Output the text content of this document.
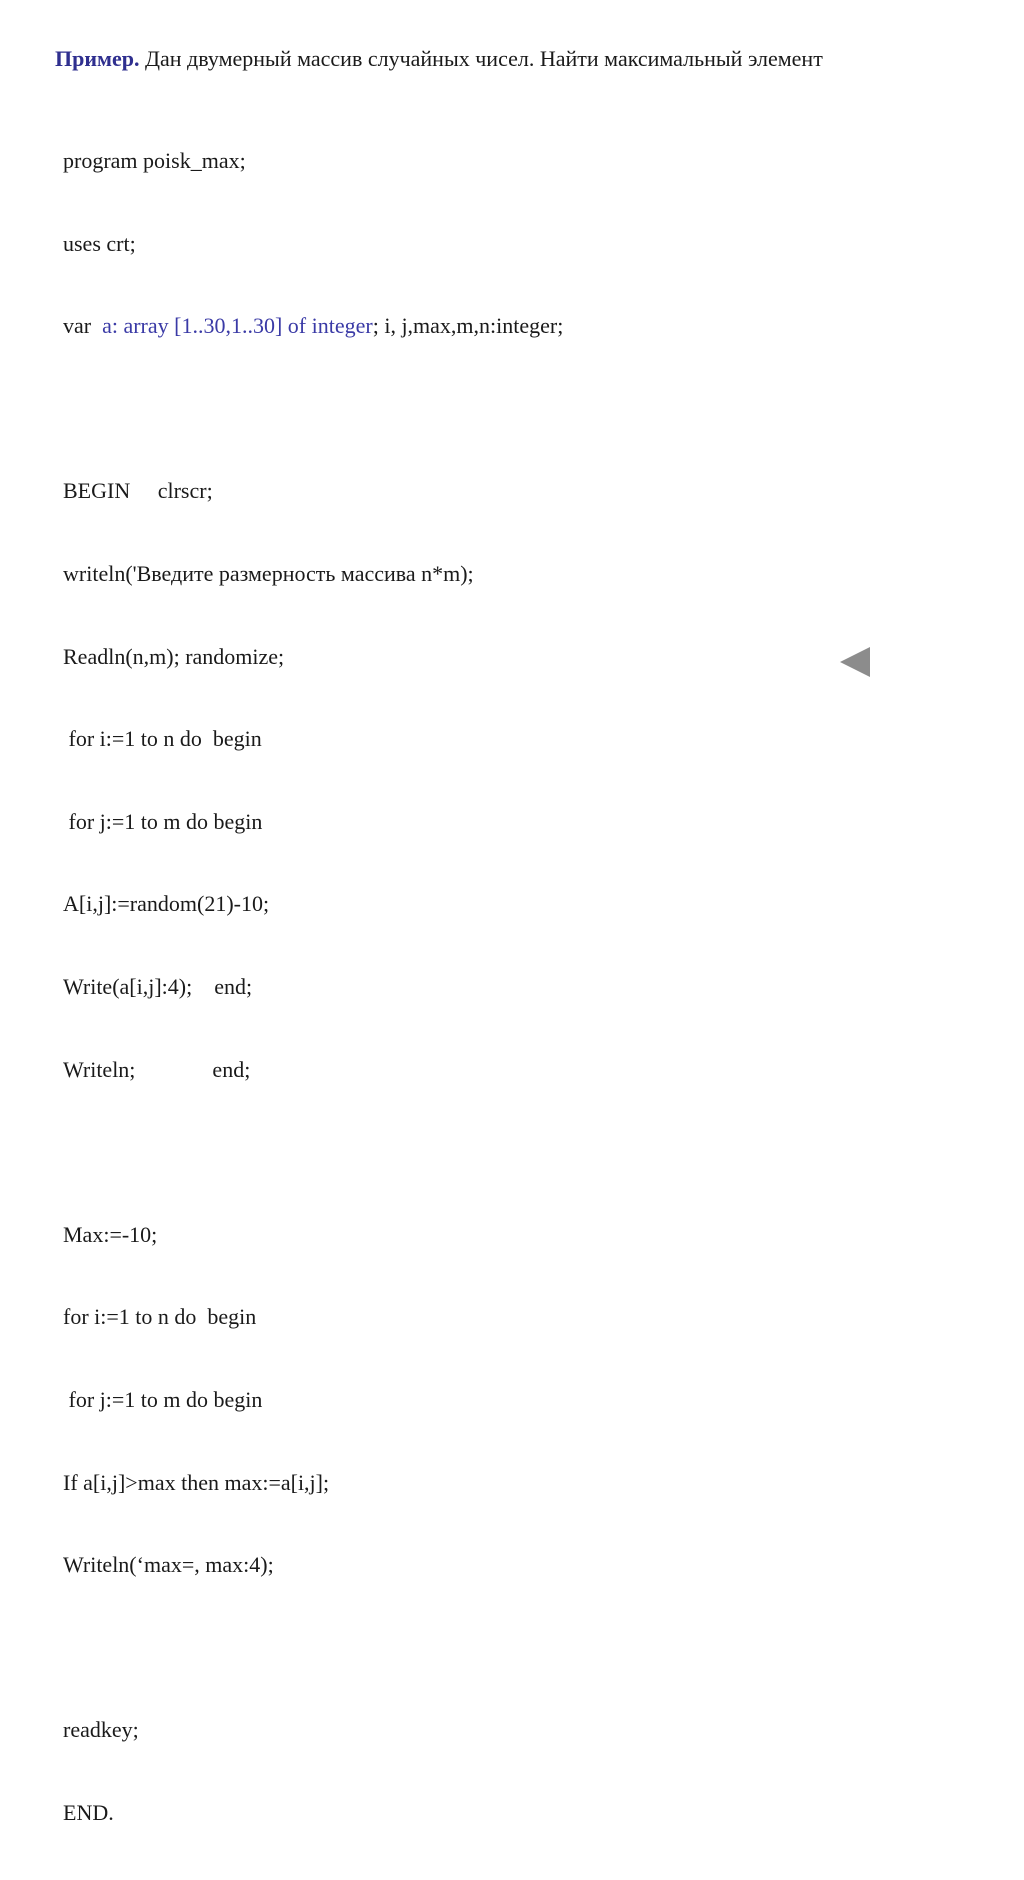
Пример. Дан двумерный массив случайных чисел. Найти максимальный элемент

program poisk_max;

uses crt;

var  a: array [1..30,1..30] of integer; i, j,max,m,n:integer;

BEGIN     clrscr;

writeln('Введите размерность массива n*m);

Readln(n,m); randomize;

for i:=1 to n do  begin

for j:=1 to m do begin

A[i,j]:=random(21)-10;

Write(a[i,j]:4);    end;

Writeln;              end;

Max:=-10;

for i:=1 to n do  begin

for j:=1 to m do begin

If a[i,j]>max then max:=a[i,j];

Writeln(‘max=, max:4);

readkey;

END.
